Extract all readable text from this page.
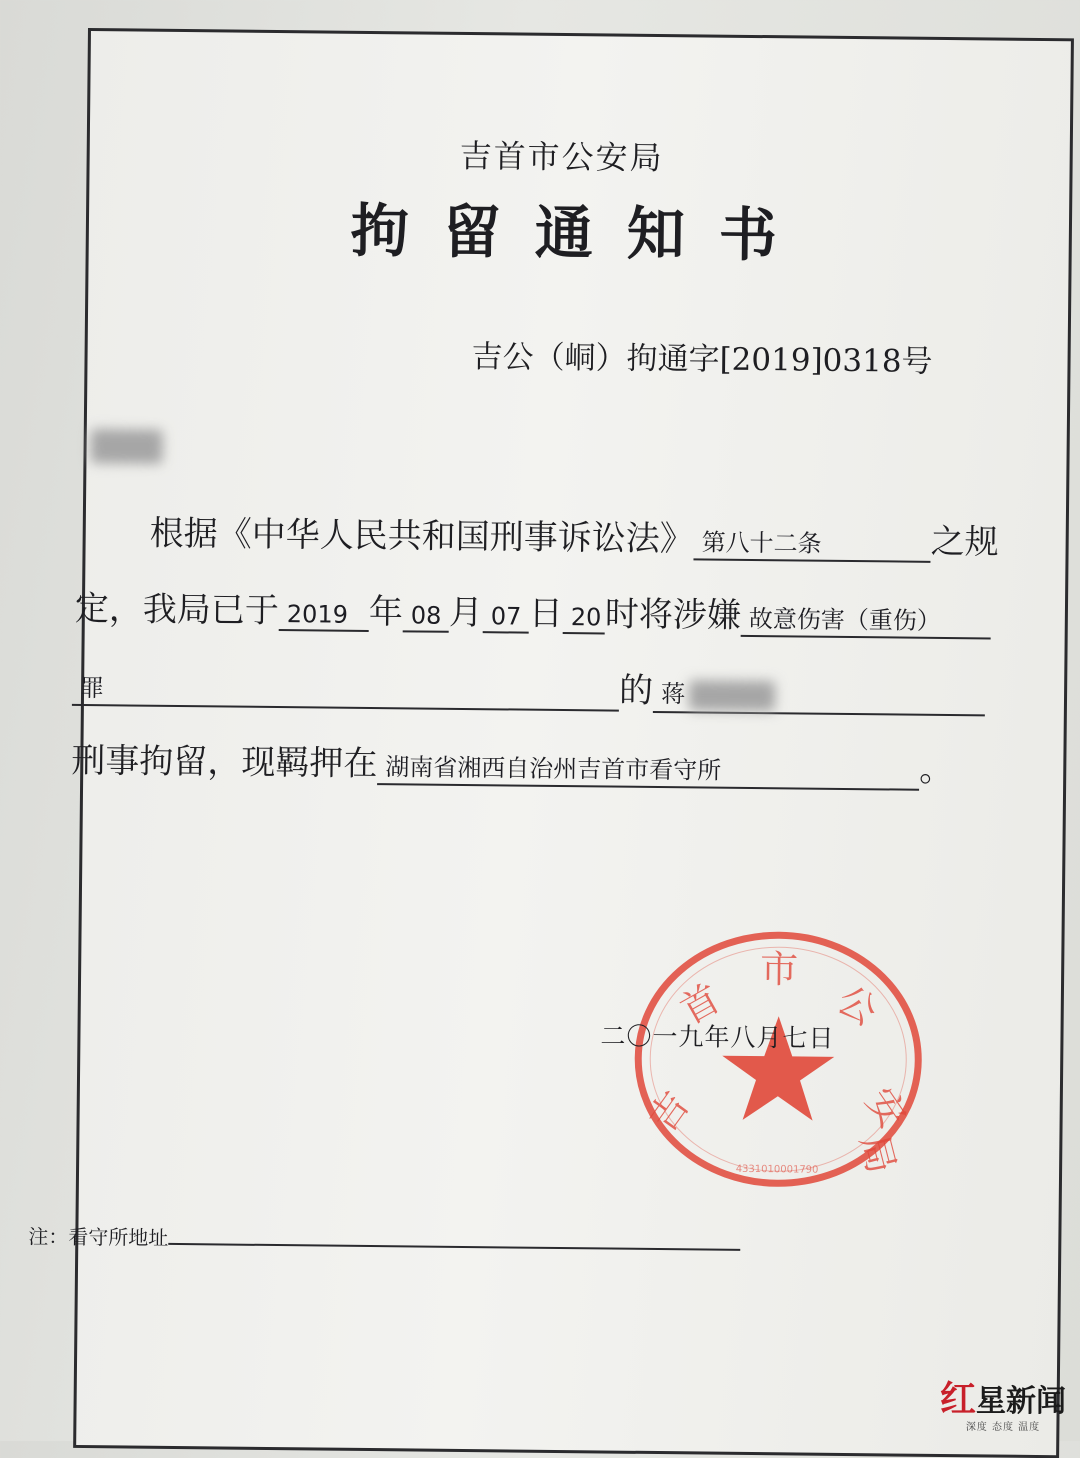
吉首市公安局
拘留通知书
吉公（峒）拘通字[2019]0318号
根据《中华人民共和国刑事诉讼法》 第八十二条	之规
定，我局已于 2019 年 08 月 07 日 20时将涉嫌 故意伤害（重伤）
罪	的 蒋
刑事拘留，现羁押在 湖南省湘西自治州吉首市看守所	。
吉
首
市
公
安
局
4331010001790
二〇一九年八月七日
注：看守所地址
红星新闻
深度 态度 温度
